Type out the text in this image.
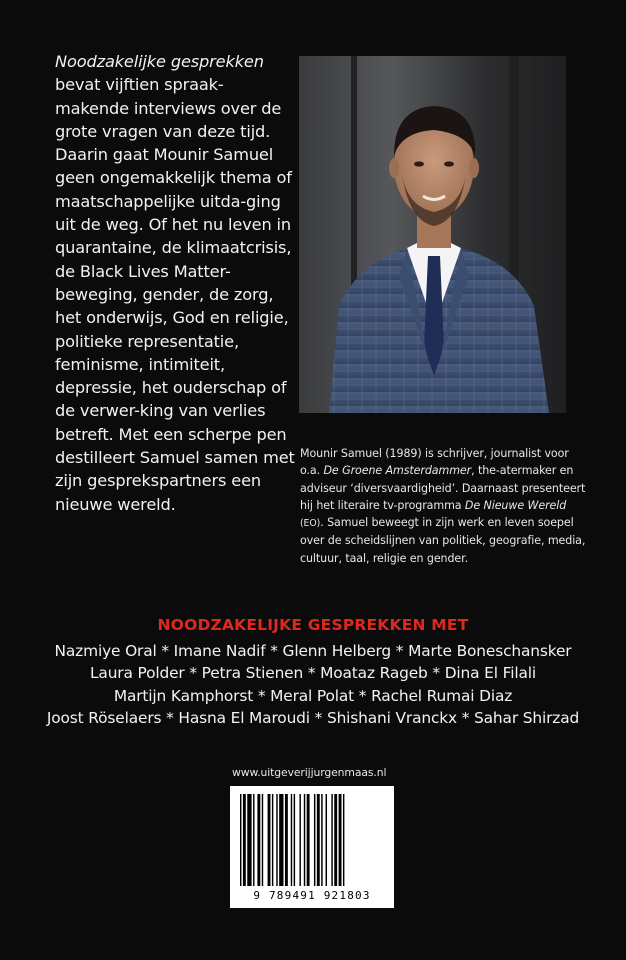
Noodzakelijke gesprekken bevat vijftien spraak-makende interviews over de grote vragen van deze tijd. Daarin gaat Mounir Samuel geen ongemakkelijk thema of maatschappelijke uitda-ging uit de weg. Of het nu leven in quarantaine, de klimaatcrisis, de Black Lives Matter-beweging, gender, de zorg, het onderwijs, God en religie, politieke representatie, feminisme, intimiteit, depressie, het ouderschap of de verwer-king van verlies betreft. Met een scherpe pen destilleert Samuel samen met zijn gesprekspartners een nieuwe wereld.

Mounir Samuel (1989) is schrijver, journalist voor o.a. De Groene Amsterdammer, the-atermaker en adviseur ‘diversvaardigheid’. Daarnaast presenteert hij het literaire tv-programma De Nieuwe Wereld (EO). Samuel beweegt in zijn werk en leven soepel over de scheidslijnen van politiek, geografie, media, cultuur, taal, religie en gender.

NOODZAKELIJKE GESPREKKEN MET
Nazmiye Oral * Imane Nadif * Glenn Helberg * Marte Boneschansker
Laura Polder * Petra Stienen * Moataz Rageb * Dina El Filali
Martijn Kamphorst * Meral Polat * Rachel Rumai Diaz
Joost Röselaers * Hasna El Maroudi * Shishani Vranckx * Sahar Shirzad
www.uitgeverijjurgenmaas.nl
9 789491 921803
